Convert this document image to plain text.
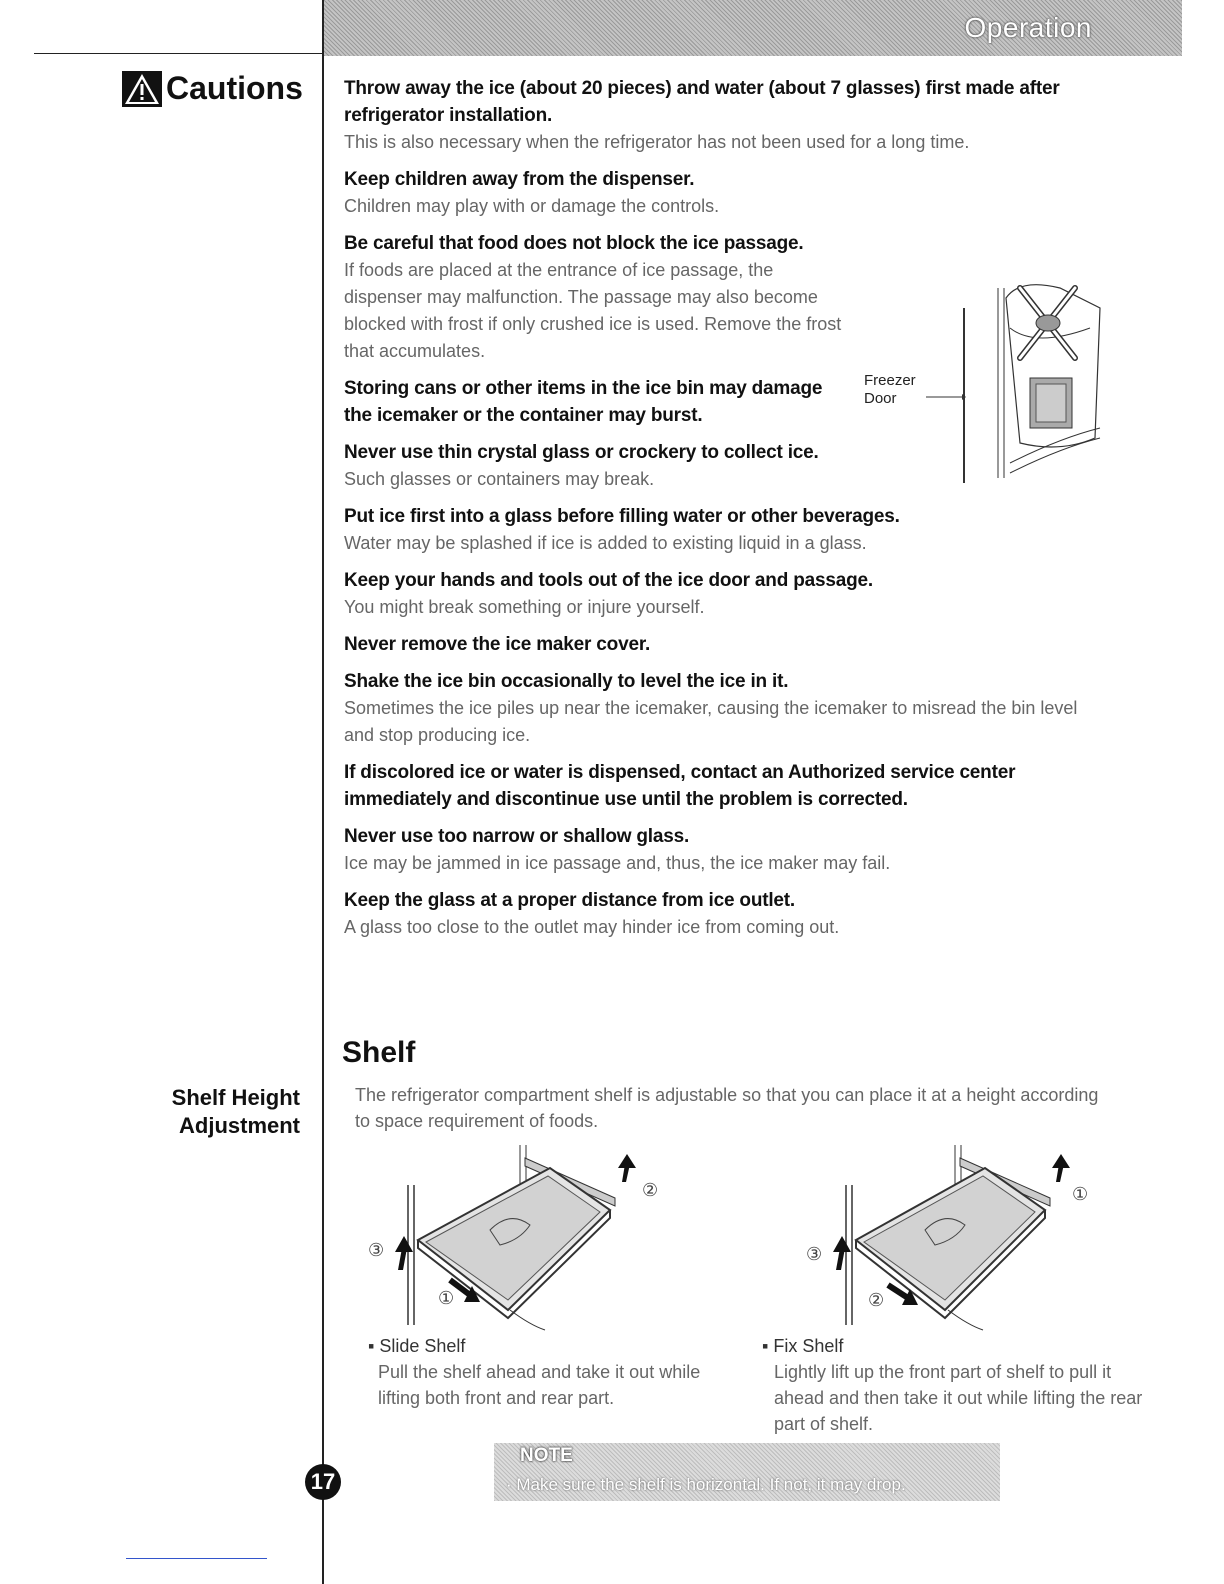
Operation
Cautions Throw away the ice (about 20 pieces) and water (about 7 glasses) first made after refrigerator installation.
This is also necessary when the refrigerator has not been used for a long time.
Keep children away from the dispenser.
Children may play with or damage the controls.
Be careful that food does not block the ice passage.
If foods are placed at the entrance of ice passage, the dispenser may malfunction. The passage may also become blocked with frost if only crushed ice is used. Remove the frost that accumulates.
Storing cans or other items in the ice bin may damage the icemaker or the container may burst.
Never use thin crystal glass or crockery to collect ice.
Such glasses or containers may break.
Put ice first into a glass before filling water or other beverages.
Water may be splashed if ice is added to existing liquid in a glass.
Keep your hands and tools out of the ice door and passage.
You might break something or injure yourself.
Never remove the ice maker cover.
Shake the ice bin occasionally to level the ice in it.
Sometimes the ice piles up near the icemaker, causing the icemaker to misread the bin level and stop producing ice.
If discolored ice or water is dispensed, contact an Authorized service center immediately and discontinue use until the problem is corrected.
Never use too narrow or shallow glass.
Ice may be jammed in ice passage and, thus, the ice maker may fail.
Keep the glass at a proper distance from ice outlet.
A glass too close to the outlet may hinder ice from coming out.
Freezer
Door
Shelf Height
Adjustment
Shelf
The refrigerator compartment shelf is adjustable so that you can place it at a height according to space requirement of foods.
②
③
①
①
③
②
▪ Slide Shelf
Pull the shelf ahead and take it out while lifting both front and rear part.
▪ Fix Shelf
Lightly lift up the front part of shelf to pull it ahead and then take it out while lifting the rear part of shelf.
NOTE
· Make sure the shelf is horizontal. If not, it may drop.
17
